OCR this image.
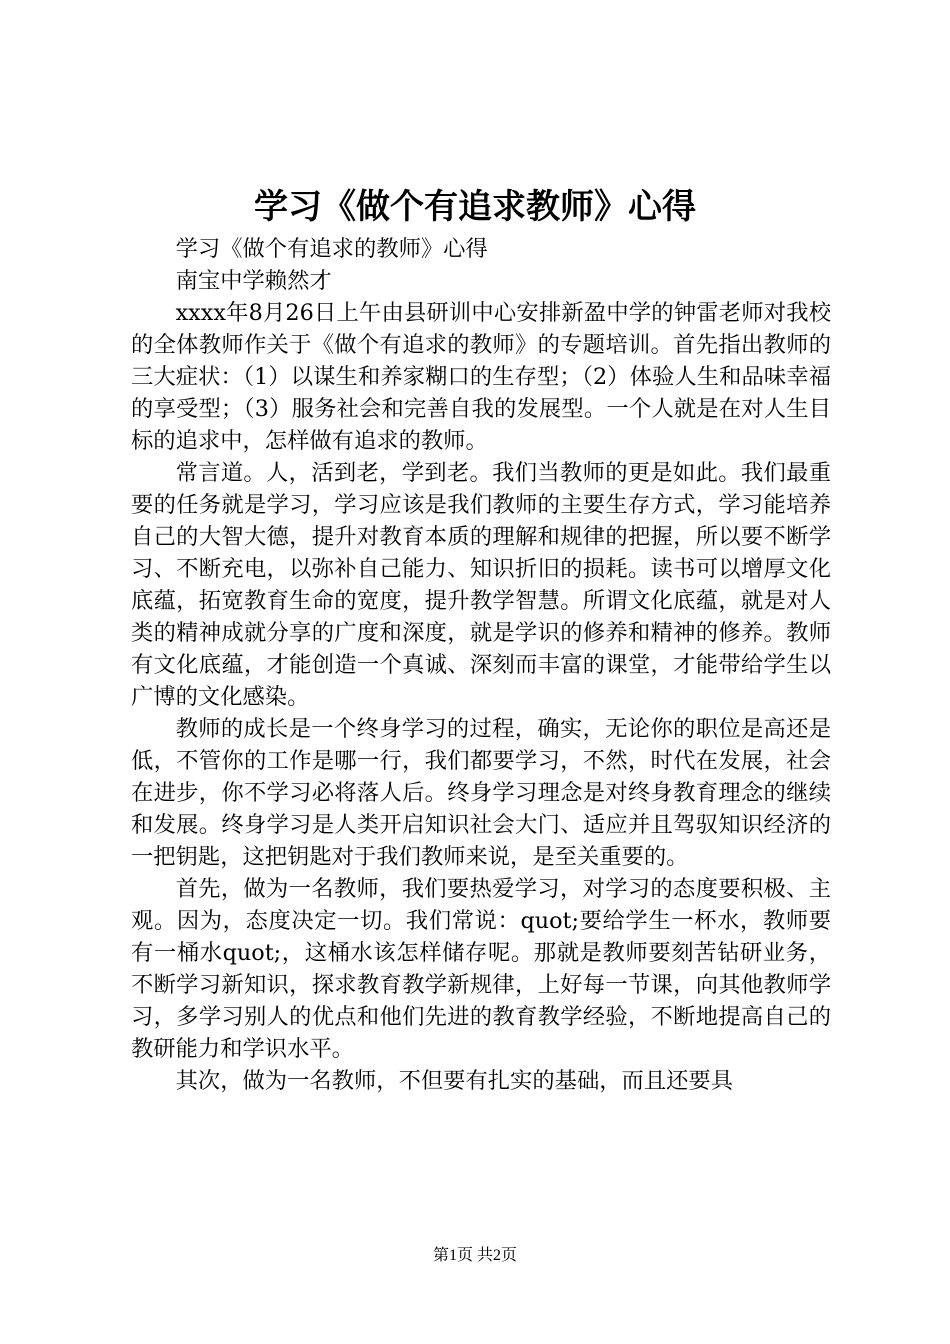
学习《做个有追求教师》心得

学习《做个有追求的教师》心得

南宝中学赖然才

xxxx年8月26日上午由县研训中心安排新盈中学的钟雷老师对我校的全体教师作关于《做个有追求的教师》的专题培训。首先指出教师的三大症状：（1）以谋生和养家糊口的生存型；（2）体验人生和品味幸福的享受型；（3）服务社会和完善自我的发展型。一个人就是在对人生目标的追求中，怎样做有追求的教师。

常言道。人，活到老，学到老。我们当教师的更是如此。我们最重要的任务就是学习，学习应该是我们教师的主要生存方式，学习能培养自己的大智大德，提升对教育本质的理解和规律的把握，所以要不断学习、不断充电，以弥补自己能力、知识折旧的损耗。读书可以增厚文化底蕴，拓宽教育生命的宽度，提升教学智慧。所谓文化底蕴，就是对人类的精神成就分享的广度和深度，就是学识的修养和精神的修养。教师有文化底蕴，才能创造一个真诚、深刻而丰富的课堂，才能带给学生以广博的文化感染。

教师的成长是一个终身学习的过程，确实，无论你的职位是高还是低，不管你的工作是哪一行，我们都要学习，不然，时代在发展，社会在进步，你不学习必将落人后。终身学习理念是对终身教育理念的继续和发展。终身学习是人类开启知识社会大门、适应并且驾驭知识经济的一把钥匙，这把钥匙对于我们教师来说，是至关重要的。

首先，做为一名教师，我们要热爱学习，对学习的态度要积极、主观。因为，态度决定一切。我们常说：quot;要给学生一杯水，教师要有一桶水quot;，这桶水该怎样储存呢。那就是教师要刻苦钻研业务，不断学习新知识，探求教育教学新规律，上好每一节课，向其他教师学习，多学习别人的优点和他们先进的教育教学经验，不断地提高自己的教研能力和学识水平。

其次，做为一名教师，不但要有扎实的基础，而且还要具

第1页 共2页
